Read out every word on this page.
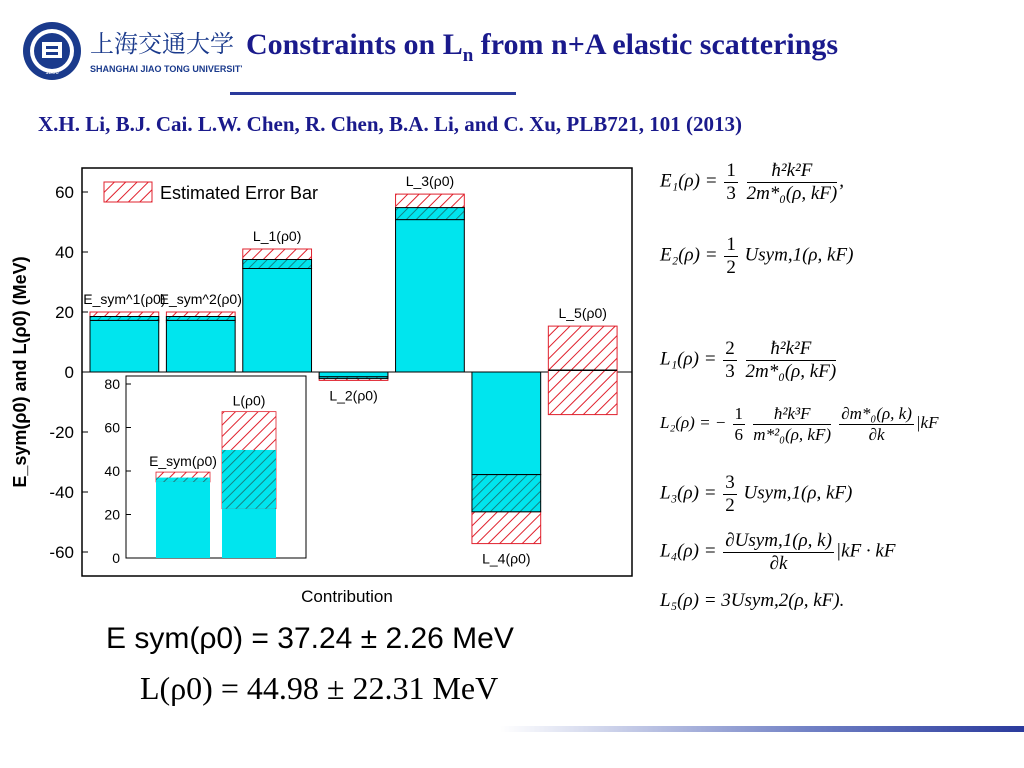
1896
上海交通大学
SHANGHAI JIAO TONG UNIVERSITY
Constraints on $L_n$ from n+A elastic scatterings
X.H. Li, B.J. Cai. L.W. Chen, R. Chen, B.A. Li, and C. Xu, PLB721, 101 (2013)
-60
-40
-20
0
20
40
60
E_sym(ρ0) and L(ρ0) (MeV)
Contribution
Estimated Error Bar
E_sym^1(ρ0)
E_sym^2(ρ0)
L_1(ρ0)
L_2(ρ0)
L_3(ρ0)
L_4(ρ0)
L_5(ρ0)
0
20
40
60
80
E_sym(ρ0)
L(ρ0)
$E_1(\rho) = \frac{1}{3}$
$\frac{\text{ħ²k²F}}{\text{2m*₀(ρ, kF)}}$ ,
$E_2(\rho) = \frac{1}{2}$ Usym,1(ρ, kF)
$L_1(\rho) = \frac{2}{3}$
$\frac{\text{ħ²k²F}}{\text{2m*₀(ρ, kF)}}$
L₂(ρ) = − $\frac{1}{6}$
$\frac{\text{ħ²k³F}}{\text{m*²₀(ρ, kF)}}$
$\frac{\text{∂m*₀(ρ, k)}}{\partial k} |kF$
$L_3(\rho) = \frac{3}{2}$ Usym,1(ρ, kF)
$L_4(\rho) = \frac{\text{∂Usym,1(ρ, k)}}{\partial k} |kF$ · kF
L₅(ρ) = 3Usym,2(ρ, kF).
E sym(ρ0) = 37.24 ± 2.26 MeV
L(ρ0) = 44.98 ± 22.31 MeV
